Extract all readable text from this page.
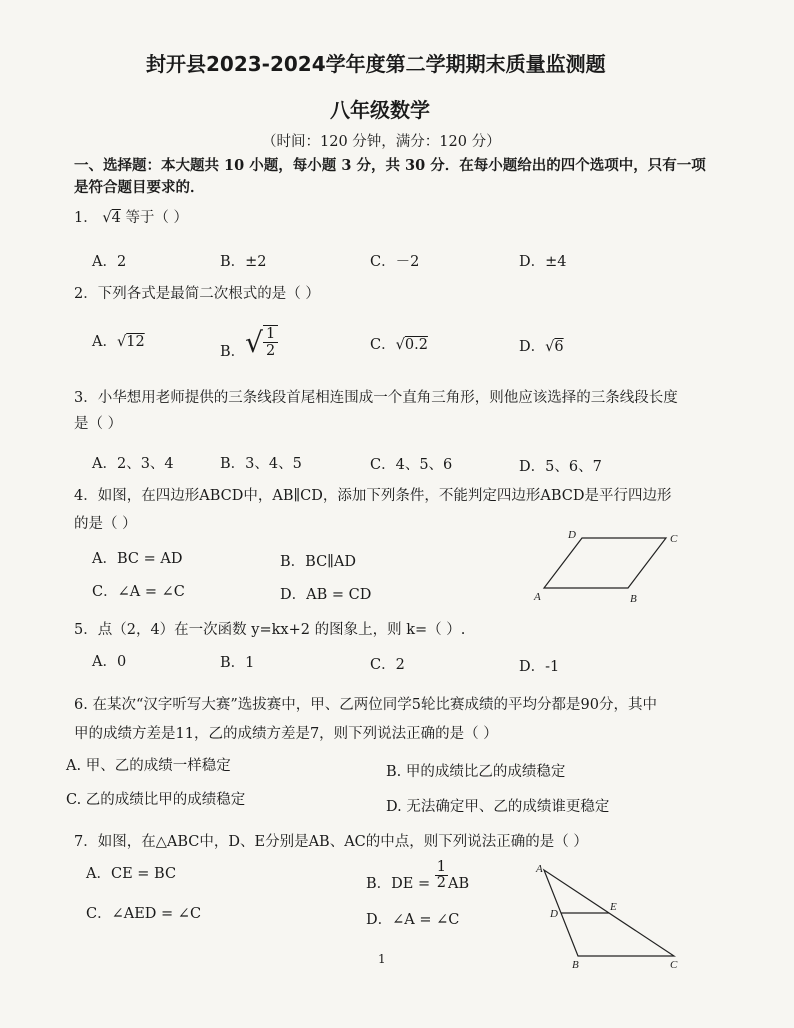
封开县2023-2024学年度第二学期期末质量监测题
八年级数学
（时间：120 分钟，满分：120 分）
一、选择题：本大题共 10 小题，每小题 3 分，共 30 分．在每小题给出的四个选项中，只有一项
是符合题目要求的．
1． √4 等于（ ）
A．2	B．±2	C．－2	D．±4
2．下列各式是最简二次根式的是（ ）
A．√12
B．√ $\frac{1}{2}$	C．√0.2	D．√6
3．小华想用老师提供的三条线段首尾相连围成一个直角三角形，则他应该选择的三条线段长度
是（ ）
A．2、3、4	B．3、4、5	C．4、5、6	D．5、6、7
4．如图，在四边形ABCD中，AB∥CD，添加下列条件，不能判定四边形ABCD是平行四边形
的是（ ）
A．BC = AD	B．BC∥AD
C．∠A = ∠C	D．AB = CD	A	B
C
D
5．点（2，4）在一次函数 y=kx+2 的图象上，则 k=（ ）.
A．0	B．1	C．2	D．-1
6. 在某次“汉字听写大赛”选拔赛中，甲、乙两位同学5轮比赛成绩的平均分都是90分，其中
甲的成绩方差是11，乙的成绩方差是7，则下列说法正确的是（ ）
A. 甲、乙的成绩一样稳定	B. 甲的成绩比乙的成绩稳定
C. 乙的成绩比甲的成绩稳定	D. 无法确定甲、乙的成绩谁更稳定
7．如图，在△ABC中，D、E分别是AB、AC的中点，则下列说法正确的是（ ）
A．CE = BC
B．DE = $\frac{1}{2}$ AB
C．∠AED = ∠C	D．∠A = ∠C
A
B	C
D
E
1
